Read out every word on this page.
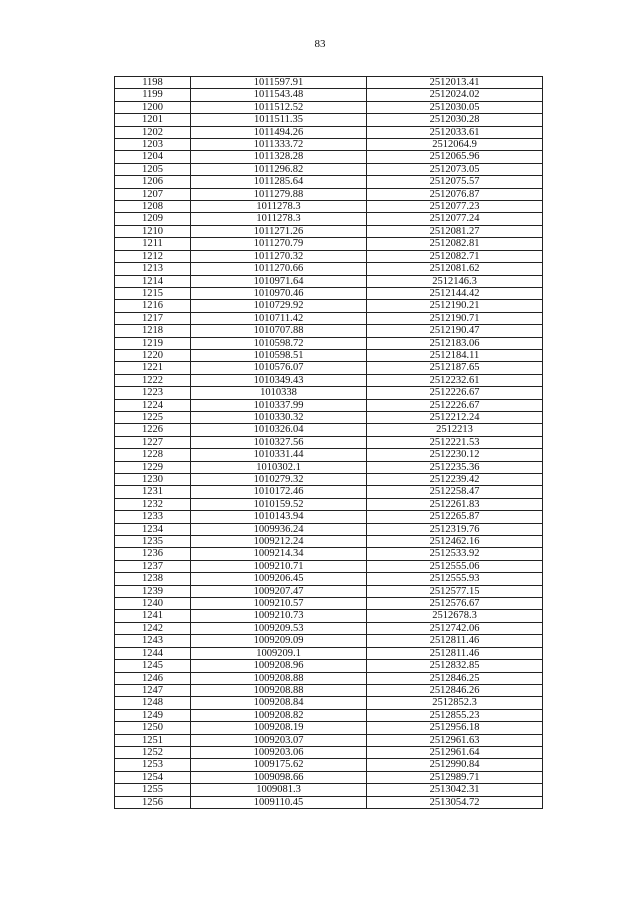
83
1198	1011597.91	2512013.41
1199	1011543.48	2512024.02
1200	1011512.52	2512030.05
1201	1011511.35	2512030.28
1202	1011494.26	2512033.61
1203	1011333.72	2512064.9
1204	1011328.28	2512065.96
1205	1011296.82	2512073.05
1206	1011285.64	2512075.57
1207	1011279.88	2512076.87
1208	1011278.3	2512077.23
1209	1011278.3	2512077.24
1210	1011271.26	2512081.27
1211	1011270.79	2512082.81
1212	1011270.32	2512082.71
1213	1011270.66	2512081.62
1214	1010971.64	2512146.3
1215	1010970.46	2512144.42
1216	1010729.92	2512190.21
1217	1010711.42	2512190.71
1218	1010707.88	2512190.47
1219	1010598.72	2512183.06
1220	1010598.51	2512184.11
1221	1010576.07	2512187.65
1222	1010349.43	2512232.61
1223	1010338	2512226.67
1224	1010337.99	2512226.67
1225	1010330.32	2512212.24
1226	1010326.04	2512213
1227	1010327.56	2512221.53
1228	1010331.44	2512230.12
1229	1010302.1	2512235.36
1230	1010279.32	2512239.42
1231	1010172.46	2512258.47
1232	1010159.52	2512261.83
1233	1010143.94	2512265.87
1234	1009936.24	2512319.76
1235	1009212.24	2512462.16
1236	1009214.34	2512533.92
1237	1009210.71	2512555.06
1238	1009206.45	2512555.93
1239	1009207.47	2512577.15
1240	1009210.57	2512576.67
1241	1009210.73	2512678.3
1242	1009209.53	2512742.06
1243	1009209.09	2512811.46
1244	1009209.1	2512811.46
1245	1009208.96	2512832.85
1246	1009208.88	2512846.25
1247	1009208.88	2512846.26
1248	1009208.84	2512852.3
1249	1009208.82	2512855.23
1250	1009208.19	2512956.18
1251	1009203.07	2512961.63
1252	1009203.06	2512961.64
1253	1009175.62	2512990.84
1254	1009098.66	2512989.71
1255	1009081.3	2513042.31
1256	1009110.45	2513054.72
